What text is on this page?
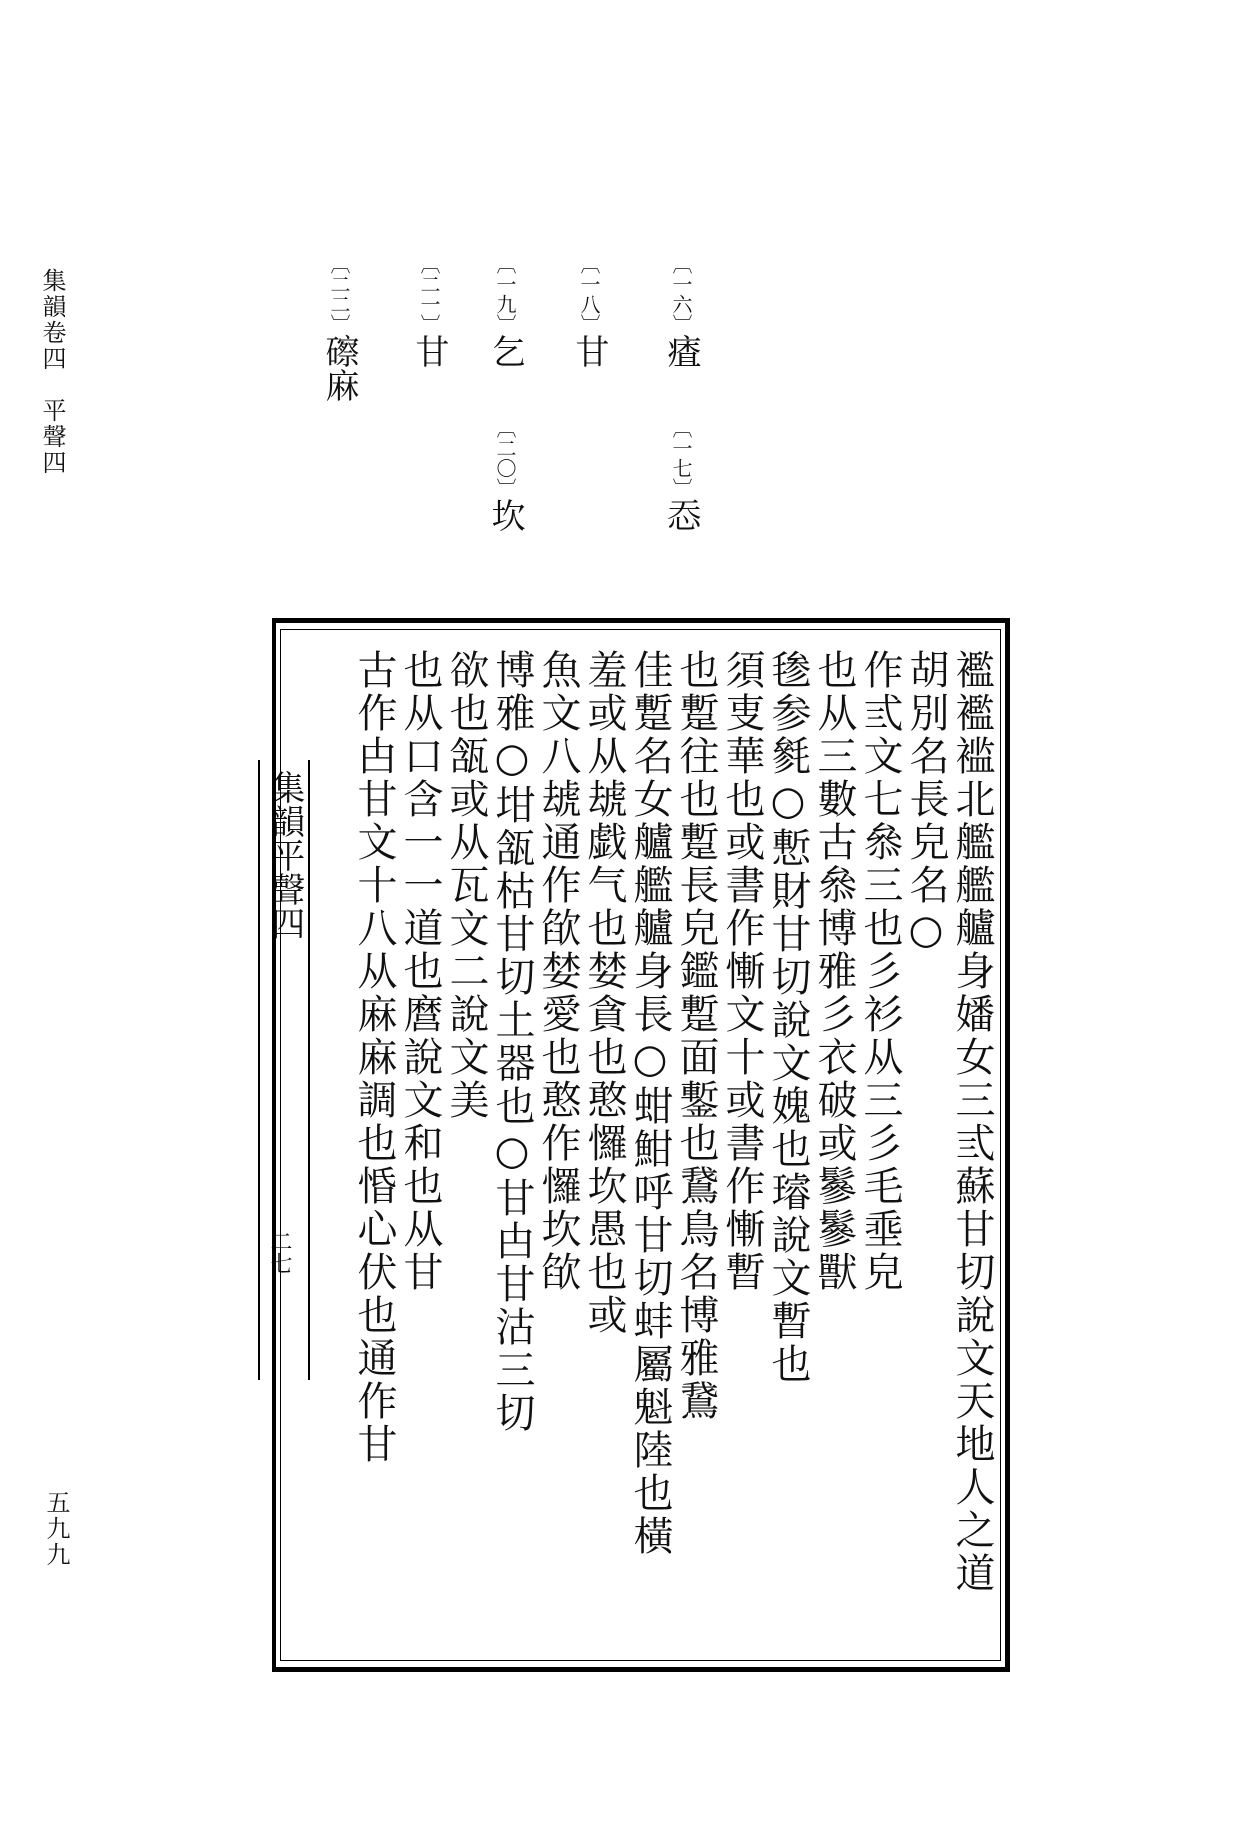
集韻卷四　平聲四
五九九
〔一六〕㾴
〔一七〕㤁
〔一八〕甘
〔一九〕乞
〔二〇〕坎
〔二一〕甘
〔二二〕䃰麻
集韻平聲四
二七	襤襤褴北艦艦艫身嬏女三弎蘇甘切說文天地人之道
胡別名長皃名○
作弎文七叅三也彡衫从三彡毛埀皃
也从三數古叅博雅彡衣破或鬖鬖獸
毶参毿○慙財甘切說文媿也璿說文暫也
須叓華也或書作慚文十或書作慚暫
也蹔往也蹔長皃鑑蹔面鏨也鵞鳥名博雅鵞
佳蹔名女艫艦艫身長○蚶魽呼甘切蚌屬魁陸也橫
羞或从䖔戯气也婪貪也憨㦬坎愚也或
魚文八䖔通作欿婪愛也憨作㦬坎欿
博雅○坩㼨枯甘切土器也○甘甴甘沽三切
欲也㼨或从瓦文二說文美
也从口含一一道也麿說文和也从甘
古作甴甘文十八从麻麻調也惛心伏也通作甘
